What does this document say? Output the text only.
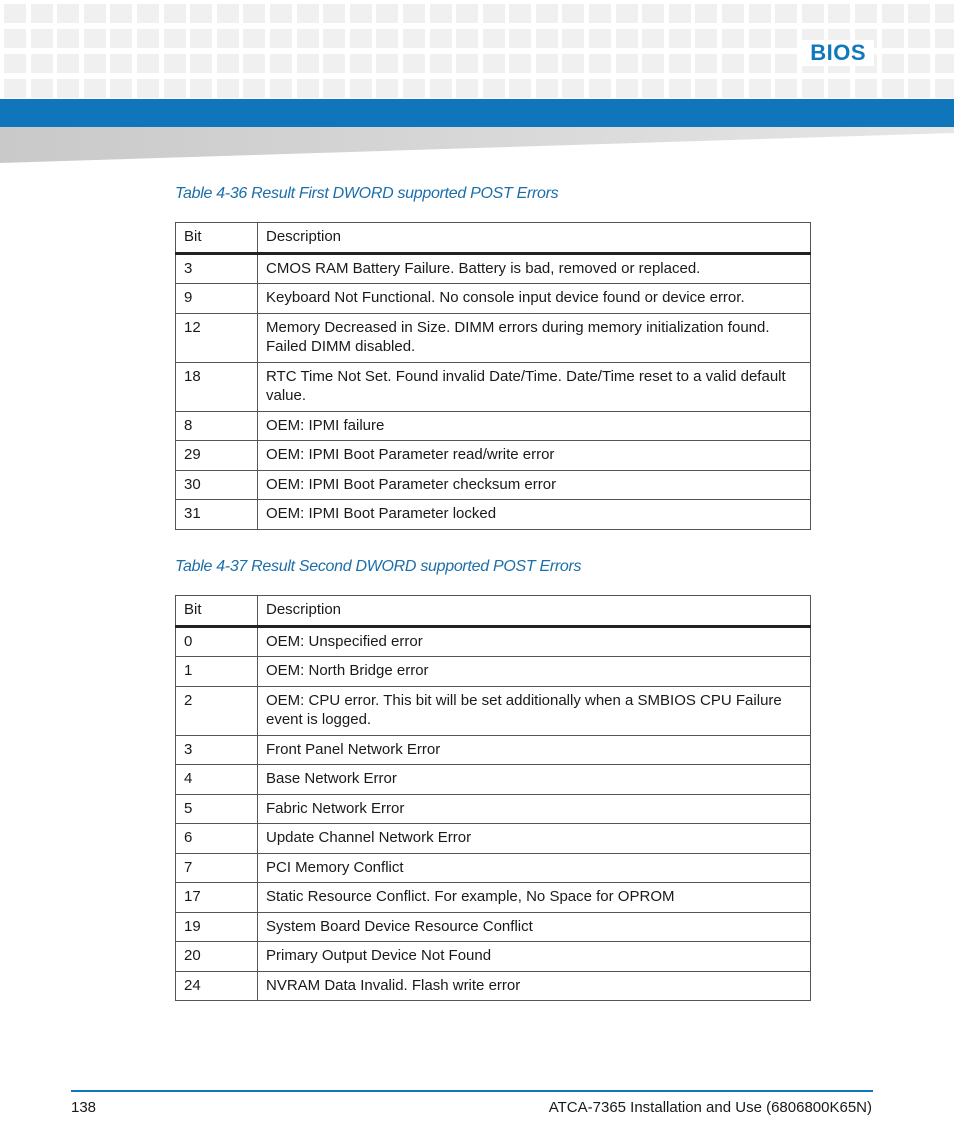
BIOS
Table 4-36 Result First DWORD supported POST Errors
Bit	Description
3	CMOS RAM Battery Failure. Battery is bad, removed or replaced.
9	Keyboard Not Functional. No console input device found or device error.
12	Memory Decreased in Size. DIMM errors during memory initialization found. Failed DIMM disabled.
18	RTC Time Not Set. Found invalid Date/Time. Date/Time reset to a valid default value.
8	OEM: IPMI failure
29	OEM: IPMI Boot Parameter read/write error
30	OEM: IPMI Boot Parameter checksum error
31	OEM: IPMI Boot Parameter locked
Table 4-37 Result Second DWORD supported POST Errors
Bit	Description
0	OEM: Unspecified error
1	OEM: North Bridge error
2	OEM: CPU error. This bit will be set additionally when a SMBIOS CPU Failure event is logged.
3	Front Panel Network Error
4	Base Network Error
5	Fabric Network Error
6	Update Channel Network Error
7	PCI Memory Conflict
17	Static Resource Conflict. For example, No Space for OPROM
19	System Board Device Resource Conflict
20	Primary Output Device Not Found
24	NVRAM Data Invalid. Flash write error
138	ATCA-7365 Installation and Use (6806800K65N)
